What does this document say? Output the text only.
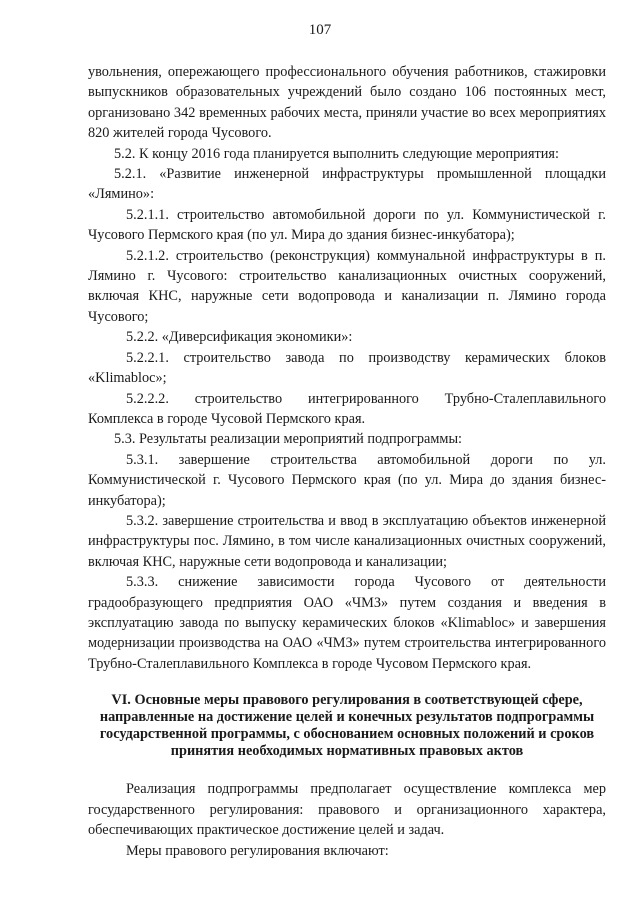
107

увольнения, опережающего профессионального обучения работников, стажировки выпускников образовательных учреждений было создано 106 постоянных мест, организовано 342 временных рабочих места, приняли участие во всех мероприятиях 820 жителей города Чусового.

5.2. К концу 2016 года планируется выполнить следующие мероприятия:

5.2.1. «Развитие инженерной инфраструктуры промышленной площадки «Лямино»:

5.2.1.1. строительство автомобильной дороги по ул. Коммунистической г. Чусового Пермского края (по ул. Мира до здания бизнес-инкубатора);

5.2.1.2. строительство (реконструкция) коммунальной инфраструктуры в п. Лямино г. Чусового: строительство канализационных очистных сооружений, включая КНС, наружные сети водопровода и канализации п. Лямино города Чусового;

5.2.2. «Диверсификация экономики»:

5.2.2.1. строительство завода по производству керамических блоков «Klimabloc»;

5.2.2.2. строительство интегрированного Трубно-Сталеплавильного Комплекса в городе Чусовой Пермского края.

5.3. Результаты реализации мероприятий подпрограммы:

5.3.1. завершение строительства автомобильной дороги по ул. Коммунистической г. Чусового Пермского края (по ул. Мира до здания бизнес-инкубатора);

5.3.2. завершение строительства и ввод в эксплуатацию объектов инженерной инфраструктуры пос. Лямино, в том числе канализационных очистных сооружений, включая КНС, наружные сети водопровода и канализации;

5.3.3. снижение зависимости города Чусового от деятельности градообразующего предприятия ОАО «ЧМЗ» путем создания и введения в эксплуатацию завода по выпуску керамических блоков «Klimabloc» и завершения модернизации производства на ОАО «ЧМЗ» путем строительства интегрированного Трубно-Сталеплавильного Комплекса в городе Чусовом Пермского края.

VI. Основные меры правового регулирования в соответствующей сфере, направленные на достижение целей и конечных результатов подпрограммы государственной программы, с обоснованием основных положений и сроков принятия необходимых нормативных правовых актов

Реализация подпрограммы предполагает осуществление комплекса мер государственного регулирования: правового и организационного характера, обеспечивающих практическое достижение целей и задач.

Меры правового регулирования включают:
